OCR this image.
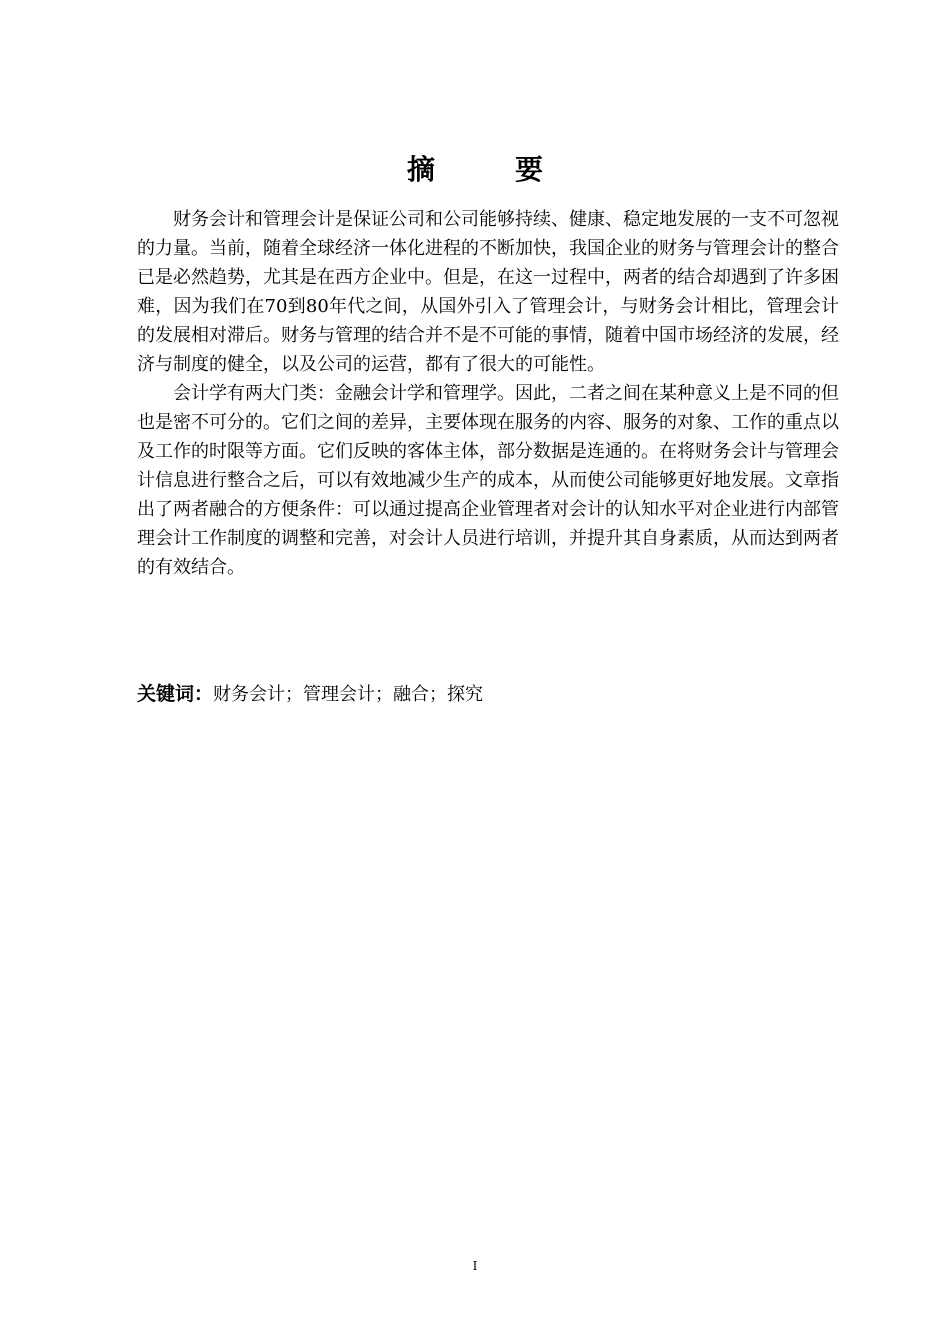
摘　要

财务会计和管理会计是保证公司和公司能够持续、健康、稳定地发展的一支不可忽视的力量。当前，随着全球经济一体化进程的不断加快，我国企业的财务与管理会计的整合已是必然趋势，尤其是在西方企业中。但是，在这一过程中，两者的结合却遇到了许多困难，因为我们在70到80年代之间，从国外引入了管理会计，与财务会计相比，管理会计的发展相对滞后。财务与管理的结合并不是不可能的事情，随着中国市场经济的发展，经济与制度的健全，以及公司的运营，都有了很大的可能性。

会计学有两大门类：金融会计学和管理学。因此，二者之间在某种意义上是不同的但也是密不可分的。它们之间的差异，主要体现在服务的内容、服务的对象、工作的重点以及工作的时限等方面。它们反映的客体主体，部分数据是连通的。在将财务会计与管理会计信息进行整合之后，可以有效地减少生产的成本，从而使公司能够更好地发展。文章指出了两者融合的方便条件：可以通过提高企业管理者对会计的认知水平对企业进行内部管理会计工作制度的调整和完善，对会计人员进行培训，并提升其自身素质，从而达到两者的有效结合。

关键词：财务会计；管理会计；融合；探究
I
